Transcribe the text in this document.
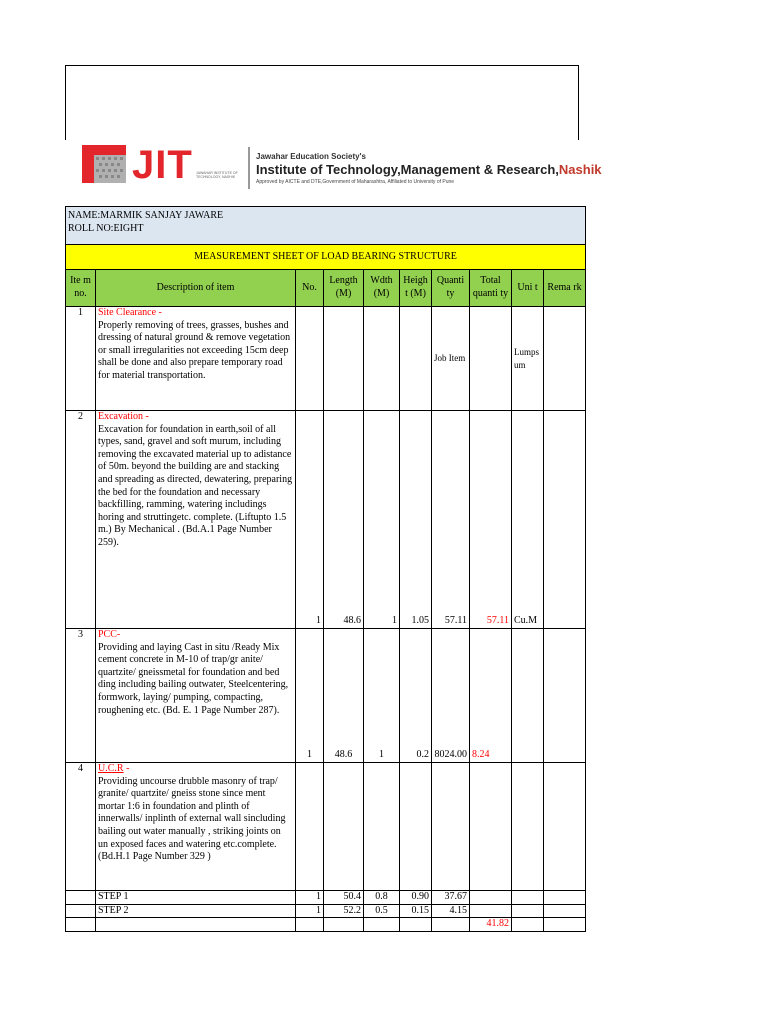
JIT JAWAHAR INSTITUTE OF TECHNOLOGY, NASHIK
Jawahar Education Society's
Institute of Technology,Management & Research,Nashik
Approved by AICTE and DTE,Government of Maharashtra, Affiliated to University of Pune
NAME:MARMIK SANJAY JAWARE
ROLL NO:EIGHT									

MEASUREMENT SHEET OF LOAD BEARING STRUCTURE									
Ite m no.	Description of item	No.	Length (M)	Wdth (M)	Heigh t (M)	Quanti ty	Total quanti ty	Uni t	Rema rk
1	Site Clearance -
Properly removing of trees, grasses, bushes and dressing of natural ground & remove vegetation or small irregularities not exceeding 15cm deep shall be done and also prepare temporary road for material transportation.					Job Item		Lumps um	
2	Excavation -
Excavation for foundation in earth,soil of all types, sand, gravel and soft murum, including removing the excavated material up to adistance of 50m. beyond the building are and stacking and spreading as directed, dewatering, preparing the bed for the foundation and necessary backfilling, ramming, watering includings horing and struttingetc. complete. (Liftupto 1.5 m.) By Mechanical . (Bd.A.1 Page Number 259).	1	48.6	1	1.05	57.11	57.11	Cu.M	
3	PCC-
Providing and laying Cast in situ /Ready Mix cement concrete in M-10 of trap/gr anite/ quartzite/ gneissmetal for foundation and bed ding including bailing outwater, Steelcentering, formwork, laying/ pumping, compacting, roughening etc. (Bd. E. 1 Page Number 287).	1	48.6	1	0.2	8024.00	8.24		
4	U.C.R -
Providing uncourse drubble masonry of trap/ granite/ quartzite/ gneiss stone since ment mortar 1:6 in foundation and plinth of innerwalls/ inplinth of external wall sincluding bailing out water manually , striking joints on un exposed faces and watering etc.complete. (Bd.H.1 Page Number 329 )								

	STEP 1	1	50.4	0.8	0.90	37.67			
	STEP 2	1	52.2	0.5	0.15	4.15			
							41.82		
